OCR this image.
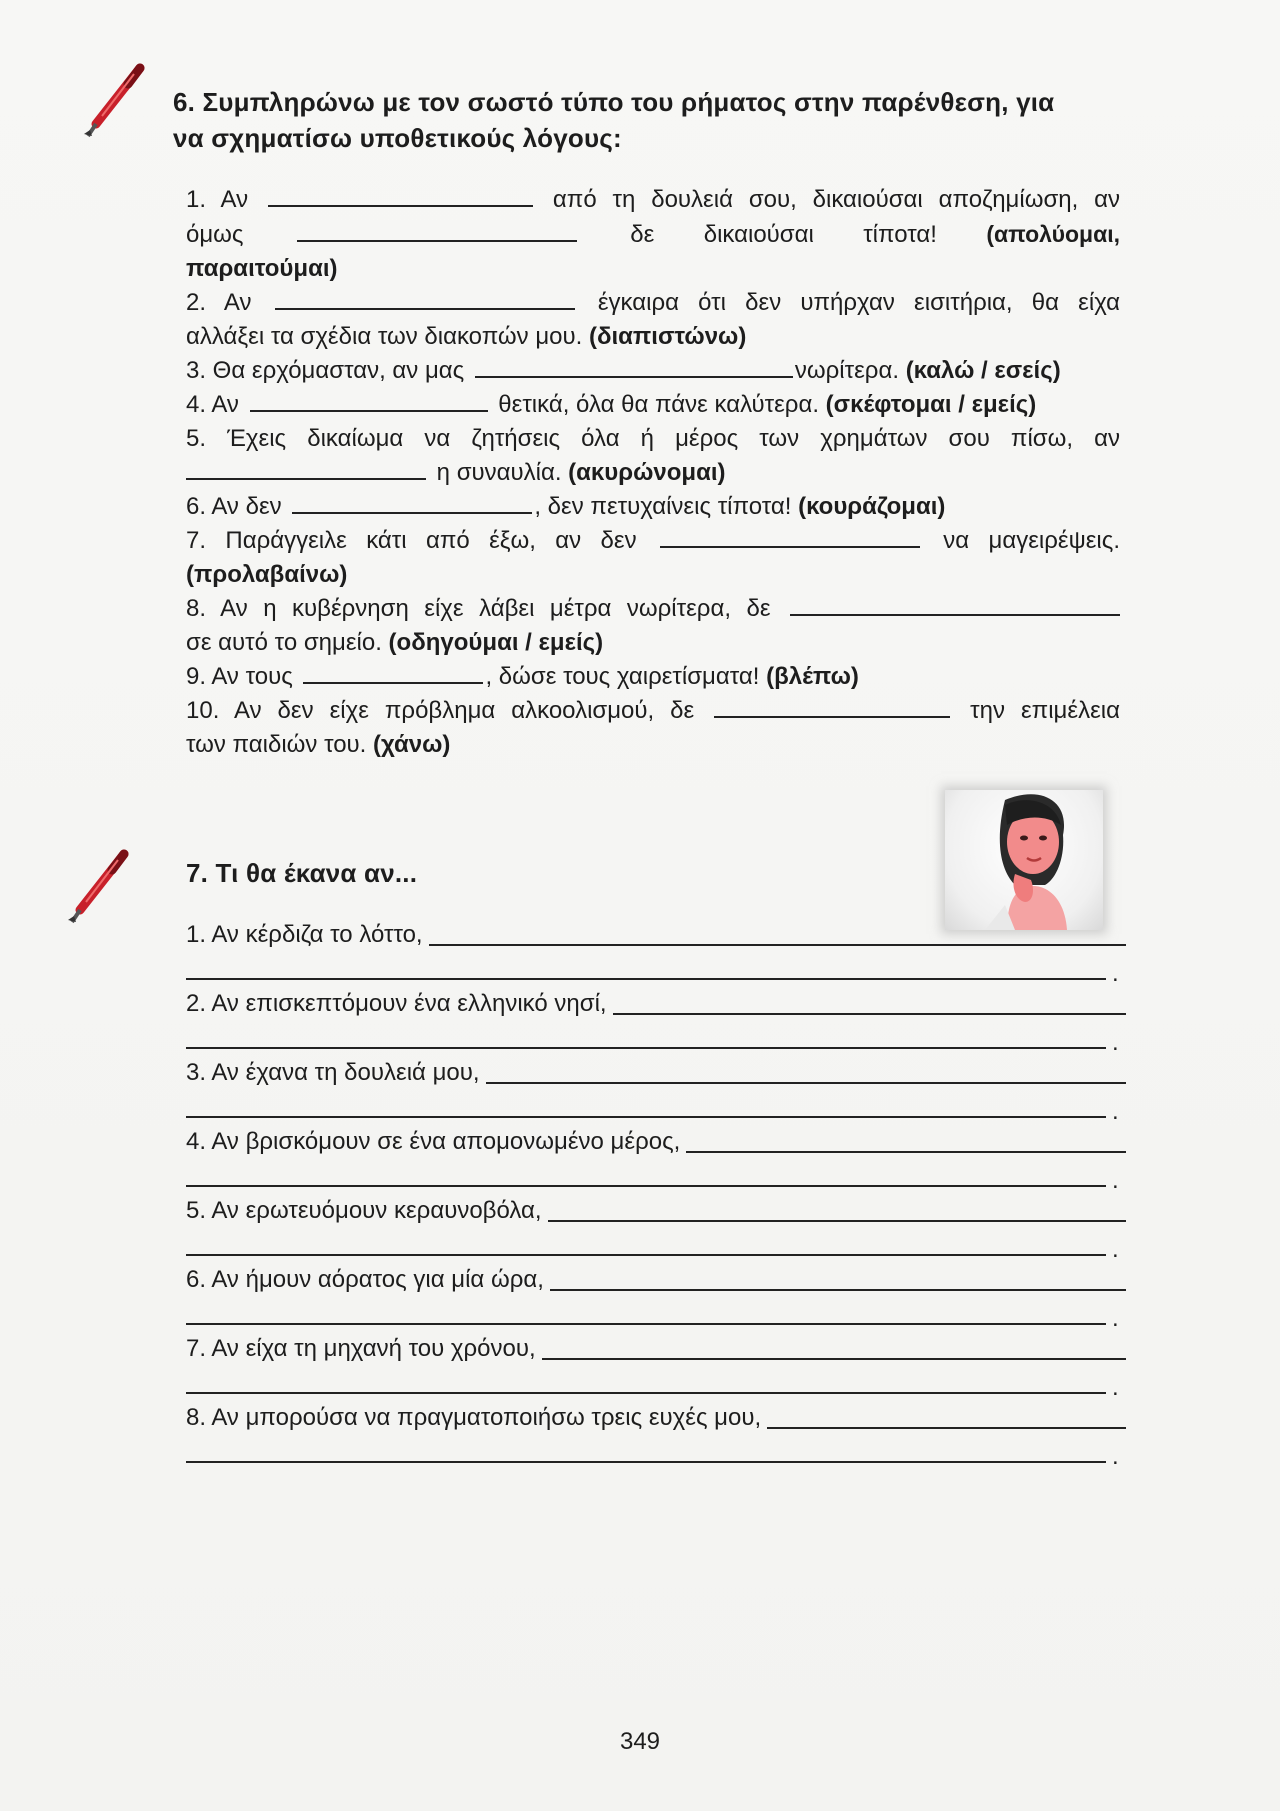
6. Συμπληρώνω με τον σωστό τύπο του ρήματος στην παρένθεση, για
να σχηματίσω υποθετικούς λόγους:

1. Αν	από τη δουλειά σου, δικαιούσαι αποζημίωση, αν

όμως	δε δικαιούσαι τίποτα! (απολύομαι,

παραιτούμαι)

2. Αν	έγκαιρα ότι δεν υπήρχαν εισιτήρια, θα είχα

αλλάξει τα σχέδια των διακοπών μου. (διαπιστώνω)

3. Θα ερχόμασταν, αν μας	νωρίτερα. (καλώ / εσείς)

4. Αν	θετικά, όλα θα πάνε καλύτερα. (σκέφτομαι / εμείς)

5. Έχεις δικαίωμα να ζητήσεις όλα ή μέρος των χρημάτων σου πίσω, αν

η συναυλία. (ακυρώνομαι)

6. Αν δεν	, δεν πετυχαίνεις τίποτα! (κουράζομαι)

7. Παράγγειλε κάτι από έξω, αν δεν	να μαγειρέψεις.

(προλαβαίνω)

8. Αν η κυβέρνηση είχε λάβει μέτρα νωρίτερα, δε

σε αυτό το σημείο. (οδηγούμαι / εμείς)

9. Αν τους	, δώσε τους χαιρετίσματα! (βλέπω)

10. Αν δεν είχε πρόβλημα αλκοολισμού, δε	την επιμέλεια

των παιδιών του. (χάνω)

7. Τι θα έκανα αν...
1. Αν κέρδιζα το λόττο,
.
2. Αν επισκεπτόμουν ένα ελληνικό νησί,
.
3. Αν έχανα τη δουλειά μου,
.
4. Αν βρισκόμουν σε ένα απομονωμένο μέρος,
.
5. Αν ερωτευόμουν κεραυνοβόλα,
.
6. Αν ήμουν αόρατος για μία ώρα,
.
7. Αν είχα τη μηχανή του χρόνου,
.
8. Αν μπορούσα να πραγματοποιήσω τρεις ευχές μου,
.
349
